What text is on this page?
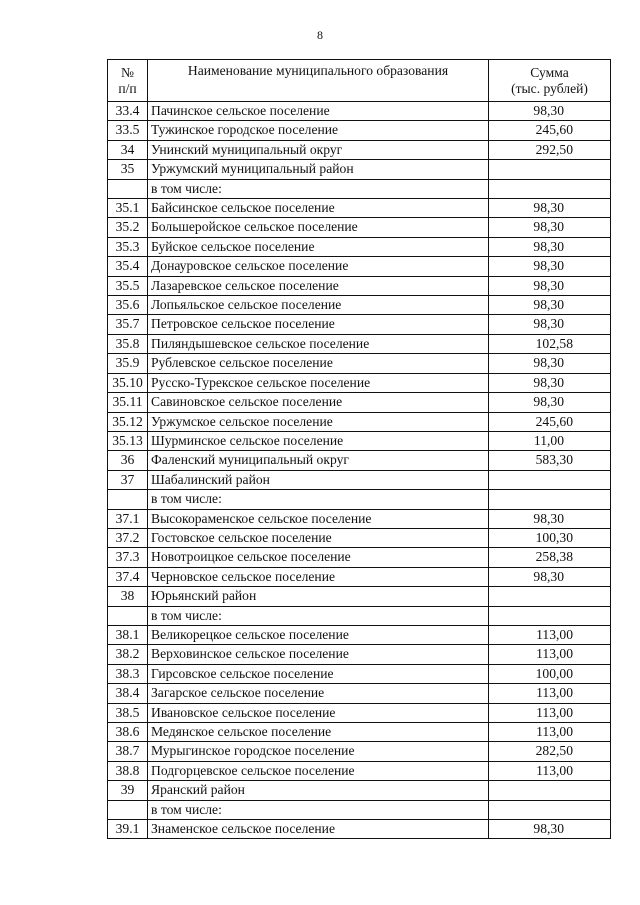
8
№
п/п	Наименование муниципального образования	Сумма
(тыс. рублей)
33.4	Пачинское сельское поселение	98,30
33.5	Тужинское городское поселение	245,60
34	Унинский муниципальный округ	292,50
35	Уржумский муниципальный район	
	в том числе:	
35.1	Байсинское сельское поселение	98,30
35.2	Большеройское сельское поселение	98,30
35.3	Буйское сельское поселение	98,30
35.4	Донауровское сельское поселение	98,30
35.5	Лазаревское сельское поселение	98,30
35.6	Лопьяльское сельское поселение	98,30
35.7	Петровское сельское поселение	98,30
35.8	Пиляндышевское сельское поселение	102,58
35.9	Рублевское сельское поселение	98,30
35.10	Русско-Турекское сельское поселение	98,30
35.11	Савиновское сельское поселение	98,30
35.12	Уржумское сельское поселение	245,60
35.13	Шурминское сельское поселение	11,00
36	Фаленский муниципальный округ	583,30
37	Шабалинский район	
	в том числе:	
37.1	Высокораменское сельское поселение	98,30
37.2	Гостовское сельское поселение	100,30
37.3	Новотроицкое сельское поселение	258,38
37.4	Черновское сельское поселение	98,30
38	Юрьянский район	
	в том числе:	
38.1	Великорецкое сельское поселение	113,00
38.2	Верховинское сельское поселение	113,00
38.3	Гирсовское сельское поселение	100,00
38.4	Загарское сельское поселение	113,00
38.5	Ивановское сельское поселение	113,00
38.6	Медянское сельское поселение	113,00
38.7	Мурыгинское городское поселение	282,50
38.8	Подгорцевское сельское поселение	113,00
39	Яранский район	
	в том числе:	
39.1	Знаменское сельское поселение	98,30
